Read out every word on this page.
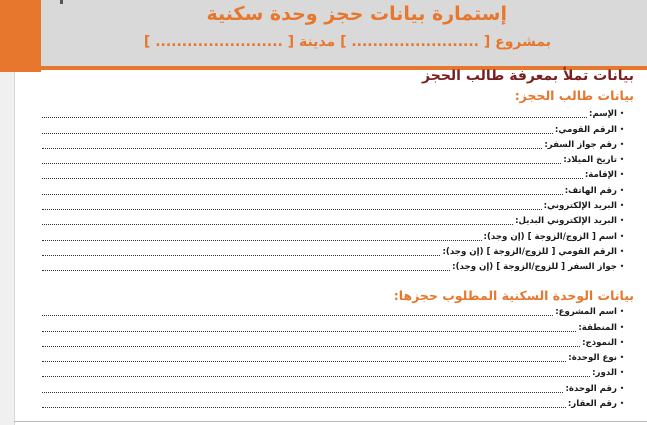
إستمارة بيانات حجز وحدة سكنية
بمشروع [ ........................ ] مدينة [ ........................ ]
بيانات تملأ بمعرفة طالب الحجز
بيانات طالب الحجز:
•
الإسم:
•
الرقم القومي:
•
رقم جواز السفر:
•
تاريخ الميلاد:
•
الإقامة:
•
رقم الهاتف:
•
البريد الإلكتروني:
•
البريد الإلكتروني البديل:
•
اسم [ الزوج/الزوجة ] (إن وجد):
•
الرقم القومي [ للزوج/الزوجة ] (إن وجد):
•
جواز السفر [ للزوج/الزوجة ] (إن وجد):
بيانات الوحدة السكنية المطلوب حجزها:
•
اسم المشروع:
•
المنطقة:
•
النموذج:
•
نوع الوحدة:
•
الدور:
•
رقم الوحدة:
•
رقم العقار:
